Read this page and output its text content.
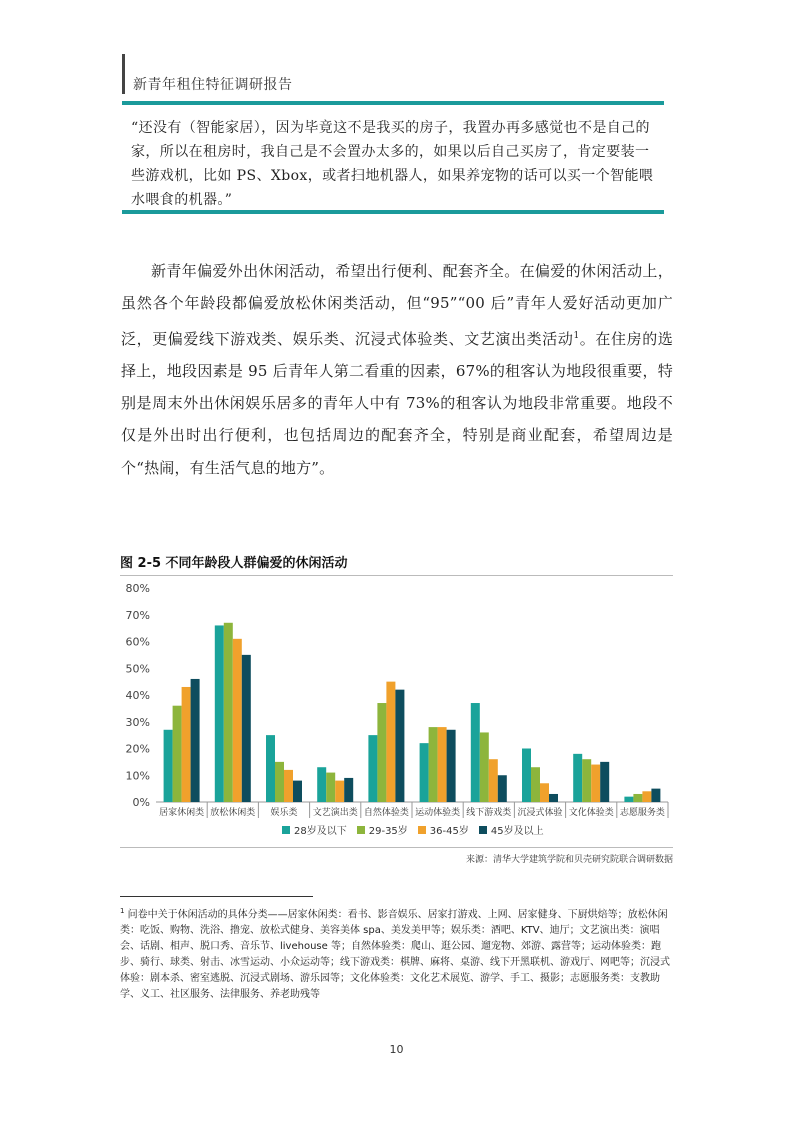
新青年租住特征调研报告
“还没有（智能家居），因为毕竟这不是我买的房子，我置办再多感觉也不是自己的家，所以在租房时，我自己是不会置办太多的，如果以后自己买房了，肯定要装一些游戏机，比如 PS、Xbox，或者扫地机器人，如果养宠物的话可以买一个智能喂水喂食的机器。”
新青年偏爱外出休闲活动，希望出行便利、配套齐全。在偏爱的休闲活动上，虽然各个年龄段都偏爱放松休闲类活动，但“95”“00 后”青年人爱好活动更加广泛，更偏爱线下游戏类、娱乐类、沉浸式体验类、文艺演出类活动$^1$。在住房的选择上，地段因素是 95 后青年人第二看重的因素，67%的租客认为地段很重要，特别是周末外出休闲娱乐居多的青年人中有 73%的租客认为地段非常重要。地段不仅是外出时出行便利，也包括周边的配套齐全，特别是商业配套，希望周边是个“热闹，有生活气息的地方”。
图 2-5 不同年龄段人群偏爱的休闲活动
0%
10%
20%
30%
40%
50%
60%
70%
80%
居家休闲类 放松休闲类 娱乐类 文艺演出类 自然体验类 运动体验类 线下游戏类 沉浸式体验 文化体验类 志愿服务类
28岁及以下 29-35岁 36-45岁 45岁及以上
来源：清华大学建筑学院和贝壳研究院联合调研数据
$^1$ 问卷中关于休闲活动的具体分类——居家休闲类：看书、影音娱乐、居家打游戏、上网、居家健身、下厨烘焙等；放松休闲类：吃饭、购物、洗浴、撸宠、放松式健身、美容美体 spa、美发美甲等；娱乐类：酒吧、KTV、迪厅；文艺演出类：演唱会、话剧、相声、脱口秀、音乐节、livehouse 等；自然体验类：爬山、逛公园、遛宠物、郊游、露营等；运动体验类：跑步、骑行、球类、射击、冰雪运动、小众运动等；线下游戏类：棋牌、麻将、桌游、线下开黑联机、游戏厅、网吧等；沉浸式体验：剧本杀、密室逃脱、沉浸式剧场、游乐园等；文化体验类：文化艺术展览、游学、手工、摄影；志愿服务类：支教助学、义工、社区服务、法律服务、养老助残等
10
